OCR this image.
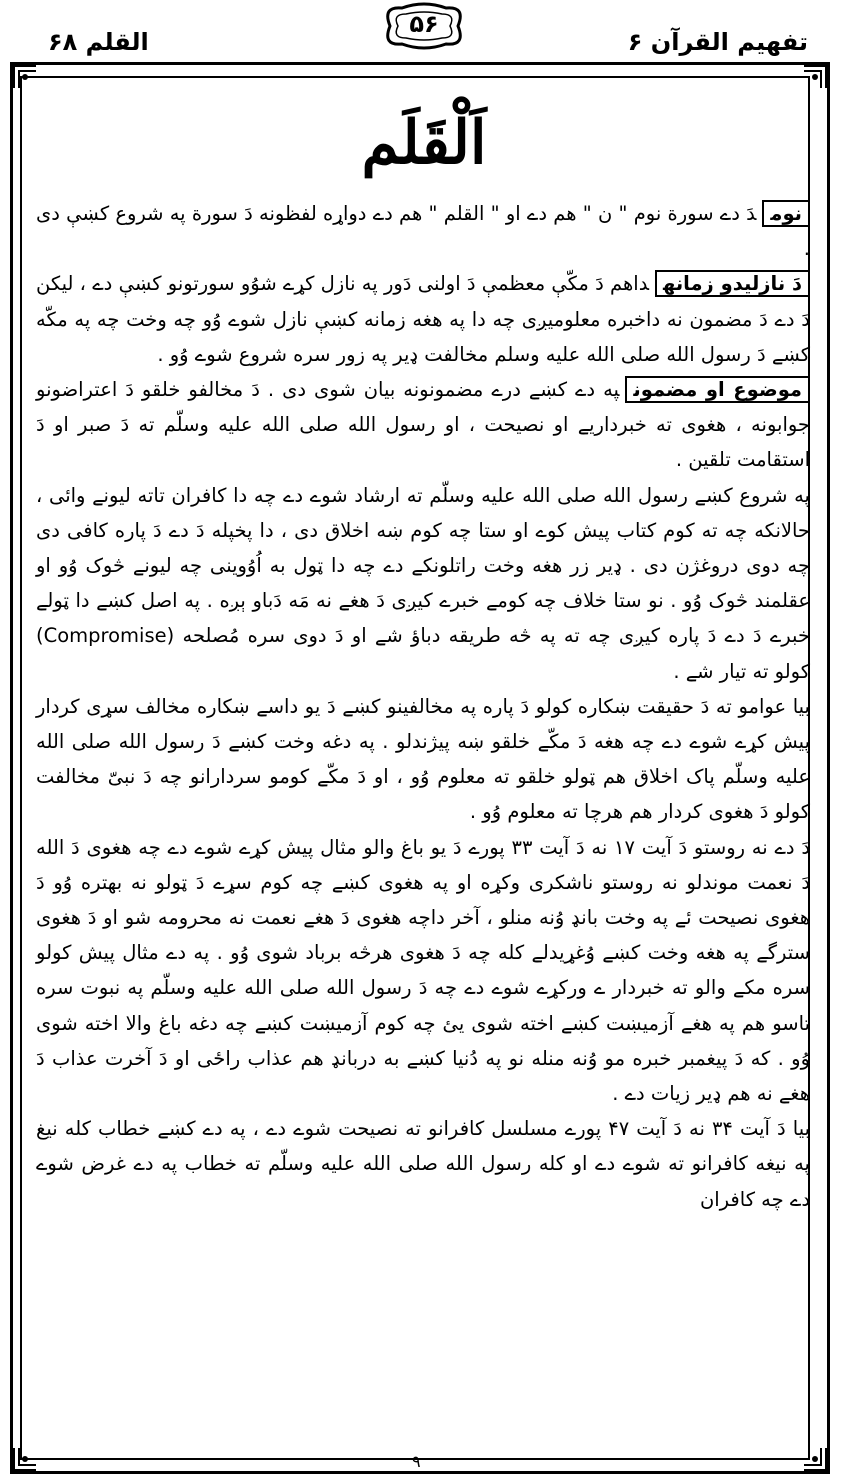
القلم ۶۸
۵۶
تفهیم القرآن ۶
اَلْقَلَم

نومدَ دے سورة نوم " ن " هم دے او " القلم " هم دے دواړه لفظونه دَ سورة په شروع کښې دی .

دَ نازلیدو زمانهداهم دَ مکّې معظمې دَ اولنی دَور په نازل کړے شوُو سورتونو کښې دے ، لیکن دَ دے دَ مضمون نه داخبره معلومیږی چه دا په هغه زمانه کښې نازل شوے وُو چه وخت چه په مکّه کښے دَ رسول الله صلی الله علیه وسلم مخالفت ډیر په زور سره شروع شوے وُو .

موضوع او مضمونپه دے کښے درے مضمونونه بیان شوی دی . دَ مخالفو خلقو دَ اعتراضونو جوابونه ، هغوی ته خبرداریے او نصیحت ، او رسول الله صلی الله علیه وسلّم ته دَ صبر او دَ استقامت تلقین .

په شروع کښے رسول الله صلی الله علیه وسلّم ته ارشاد شوے دے چه دا کافران تاته لیونے وائی ، حالانکه چه ته کوم کتاب پیش کوے او ستا چه کوم ښه اخلاق دی ، دا پخپله دَ دے دَ پاره کافی دی چه دوی دروغژن دی . ډیر زر هغه وخت راتلونکے دے چه دا ټول به اُوُوینی چه لیونے څوک وُو او عقلمند څوک وُو . نو ستا خلاف چه کومے خبرے کیږی دَ هغے نه مَه دَباو ېږه . په اصل کښے دا ټولے خبرے دَ دے دَ پاره کیږی چه ته په څه طریقه دباؤ شے او دَ دوی سره مُصلحه (Compromise) کولو ته تیار شے .

بیا عوامو ته دَ حقیقت ښکاره کولو دَ پاره په مخالفینو کښے دَ یو داسے ښکاره مخالف سړی کردار پیش کړے شوے دے چه هغه دَ مکّے خلقو ښه پیژندلو . په دغه وخت کښے دَ رسول الله صلی الله علیه وسلّم پاک اخلاق هم ټولو خلقو ته معلوم وُو ، او دَ مکّے کومو سردارانو چه دَ نبیّ مخالفت کولو دَ هغوی کردار هم هرچا ته معلوم وُو .

دَ دے نه روستو دَ آیت ۱۷ نه دَ آیت ۳۳ پورے دَ یو باغ والو مثال پیش کړے شوے دے چه هغوی دَ الله دَ نعمت موندلو نه روستو ناشکری وکړه او په هغوی کښے چه کوم سړے دَ ټولو نه بهتره وُو دَ هغوی نصیحت ئے په وخت بانډ وُنه منلو ، آخر داچه هغوی دَ هغے نعمت نه محرومه شو او دَ هغوی سترگے په هغه وخت کښے وُغړیدلے کله چه دَ هغوی هرڅه برباد شوی وُو . په دے مثال پیش کولو سره مکے والو ته خبردار ے ورکړے شوے دے چه دَ رسول الله صلی الله علیه وسلّم په نبوت سره تاسو هم په هغے آزمیښت کښے اخته شوی یئ چه کوم آزمیښت کښے چه دغه باغ والا اخته شوی وُو . که دَ پیغمبر خبره مو وُنه منله نو په دُنیا کښے به دربانډ هم عذاب راځی او دَ آخرت عذاب دَ هغے نه هم ډیر زیات دے .

بیا دَ آیت ۳۴ نه دَ آیت ۴۷ پورے مسلسل کافرانو ته نصیحت شوے دے ، په دے کښے خطاب کله نیغ په نیغه کافرانو ته شوے دے او کله رسول الله صلی الله علیه وسلّم ته خطاب په دے غرض شوے دے چه کافران

۹
